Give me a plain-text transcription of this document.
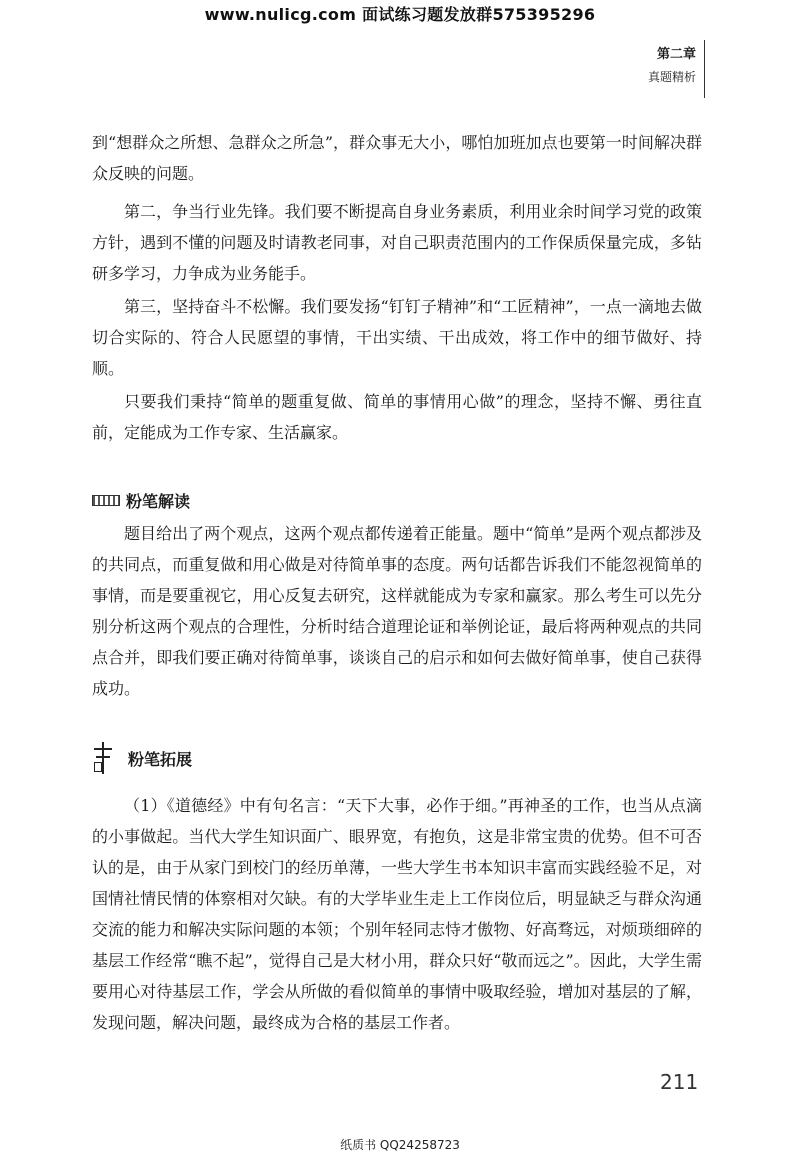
www.nulicg.com 面试练习题发放群575395296
第二章
真题精析

到“想群众之所想、急群众之所急”，群众事无大小，哪怕加班加点也要第一时间解决群众反映的问题。

第二，争当行业先锋。我们要不断提高自身业务素质，利用业余时间学习党的政策方针，遇到不懂的问题及时请教老同事，对自己职责范围内的工作保质保量完成，多钻研多学习，力争成为业务能手。

第三，坚持奋斗不松懈。我们要发扬“钉钉子精神”和“工匠精神”，一点一滴地去做切合实际的、符合人民愿望的事情，干出实绩、干出成效，将工作中的细节做好、持顺。

只要我们秉持“简单的题重复做、简单的事情用心做”的理念，坚持不懈、勇往直前，定能成为工作专家、生活赢家。

粉笔解读

题目给出了两个观点，这两个观点都传递着正能量。题中“简单”是两个观点都涉及的共同点，而重复做和用心做是对待简单事的态度。两句话都告诉我们不能忽视简单的事情，而是要重视它，用心反复去研究，这样就能成为专家和赢家。那么考生可以先分别分析这两个观点的合理性，分析时结合道理论证和举例论证，最后将两种观点的共同点合并，即我们要正确对待简单事，谈谈自己的启示和如何去做好简单事，使自己获得成功。

粉笔拓展

（1）《道德经》中有句名言：“天下大事，必作于细。”再神圣的工作，也当从点滴的小事做起。当代大学生知识面广、眼界宽，有抱负，这是非常宝贵的优势。但不可否认的是，由于从家门到校门的经历单薄，一些大学生书本知识丰富而实践经验不足，对国情社情民情的体察相对欠缺。有的大学毕业生走上工作岗位后，明显缺乏与群众沟通交流的能力和解决实际问题的本领；个别年轻同志恃才傲物、好高骛远，对烦琐细碎的基层工作经常“瞧不起”，觉得自己是大材小用，群众只好“敬而远之”。因此，大学生需要用心对待基层工作，学会从所做的看似简单的事情中吸取经验，增加对基层的了解，发现问题，解决问题，最终成为合格的基层工作者。

211
纸质书 QQ24258723
